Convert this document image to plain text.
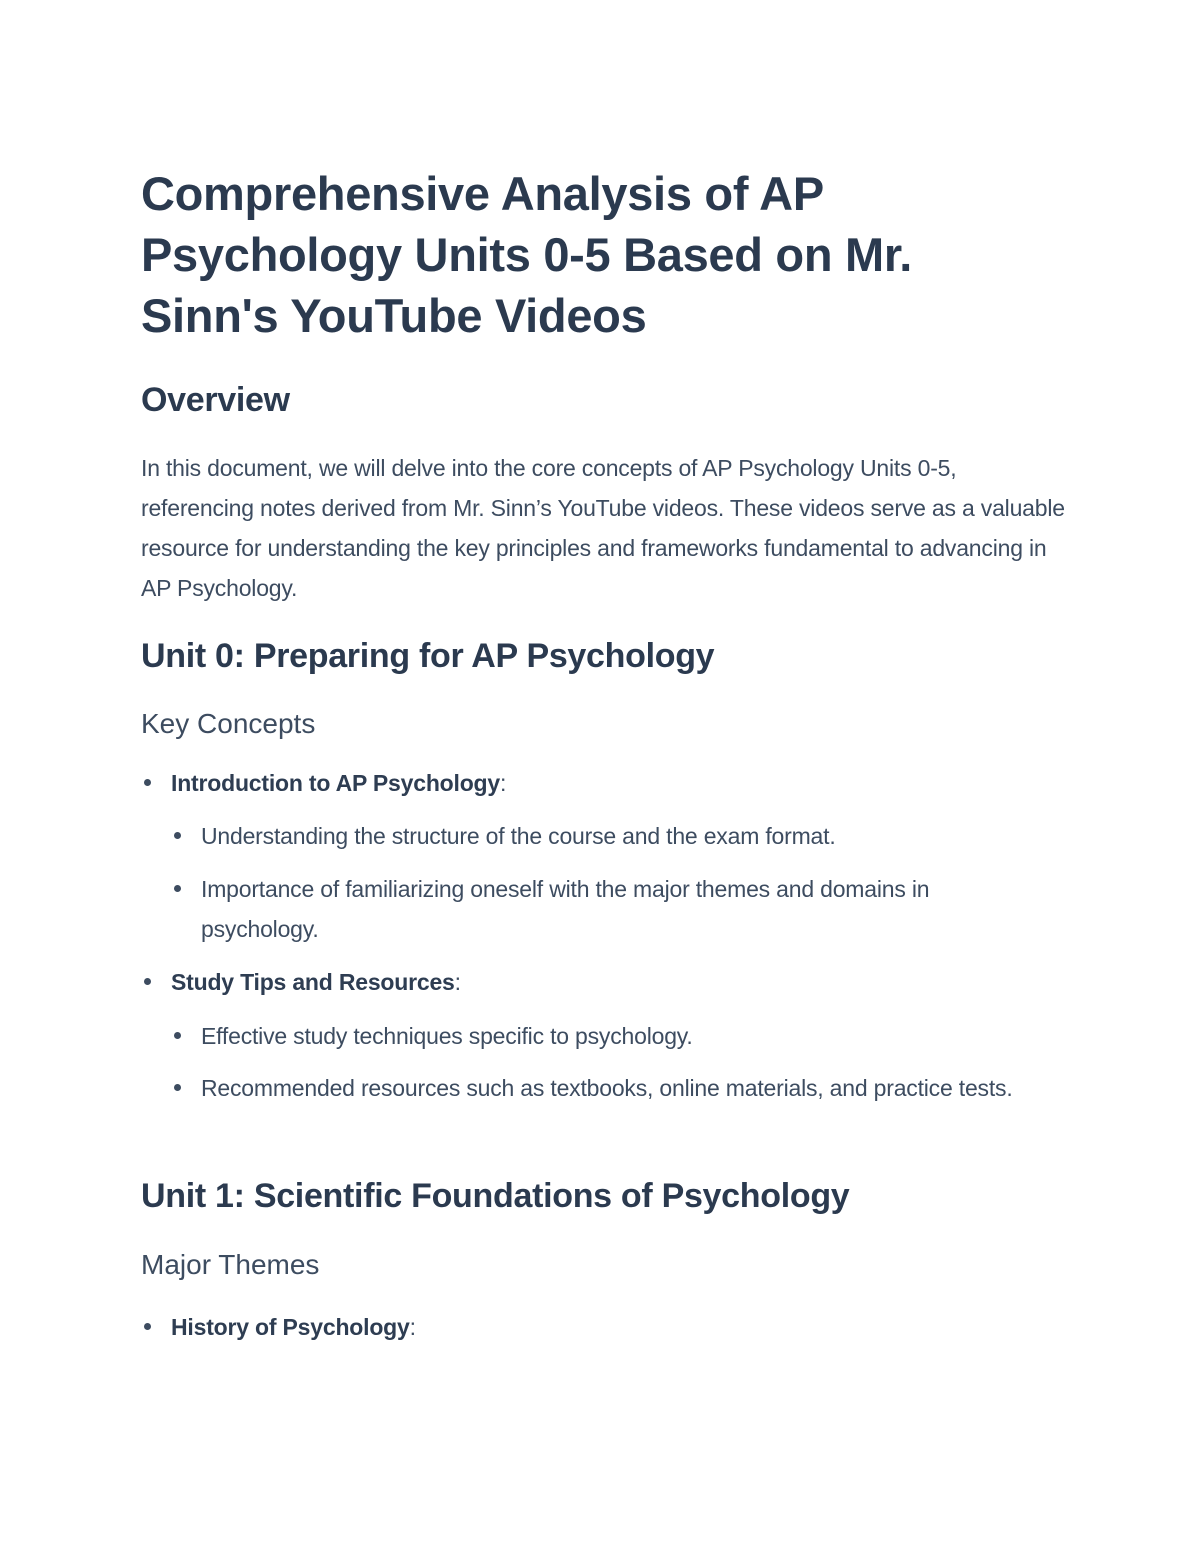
Comprehensive Analysis of AP Psychology Units 0-5 Based on Mr. Sinn's YouTube Videos
Overview

In this document, we will delve into the core concepts of AP Psychology Units 0-5, referencing notes derived from Mr. Sinn’s YouTube videos. These videos serve as a valuable resource for understanding the key principles and frameworks fundamental to advancing in AP Psychology.

Unit 0: Preparing for AP Psychology
Key Concepts
Introduction to AP Psychology:
Understanding the structure of the course and the exam format.
Importance of familiarizing oneself with the major themes and domains in psychology.
Study Tips and Resources:
Effective study techniques specific to psychology.
Recommended resources such as textbooks, online materials, and practice tests.
Unit 1: Scientific Foundations of Psychology
Major Themes
History of Psychology:
